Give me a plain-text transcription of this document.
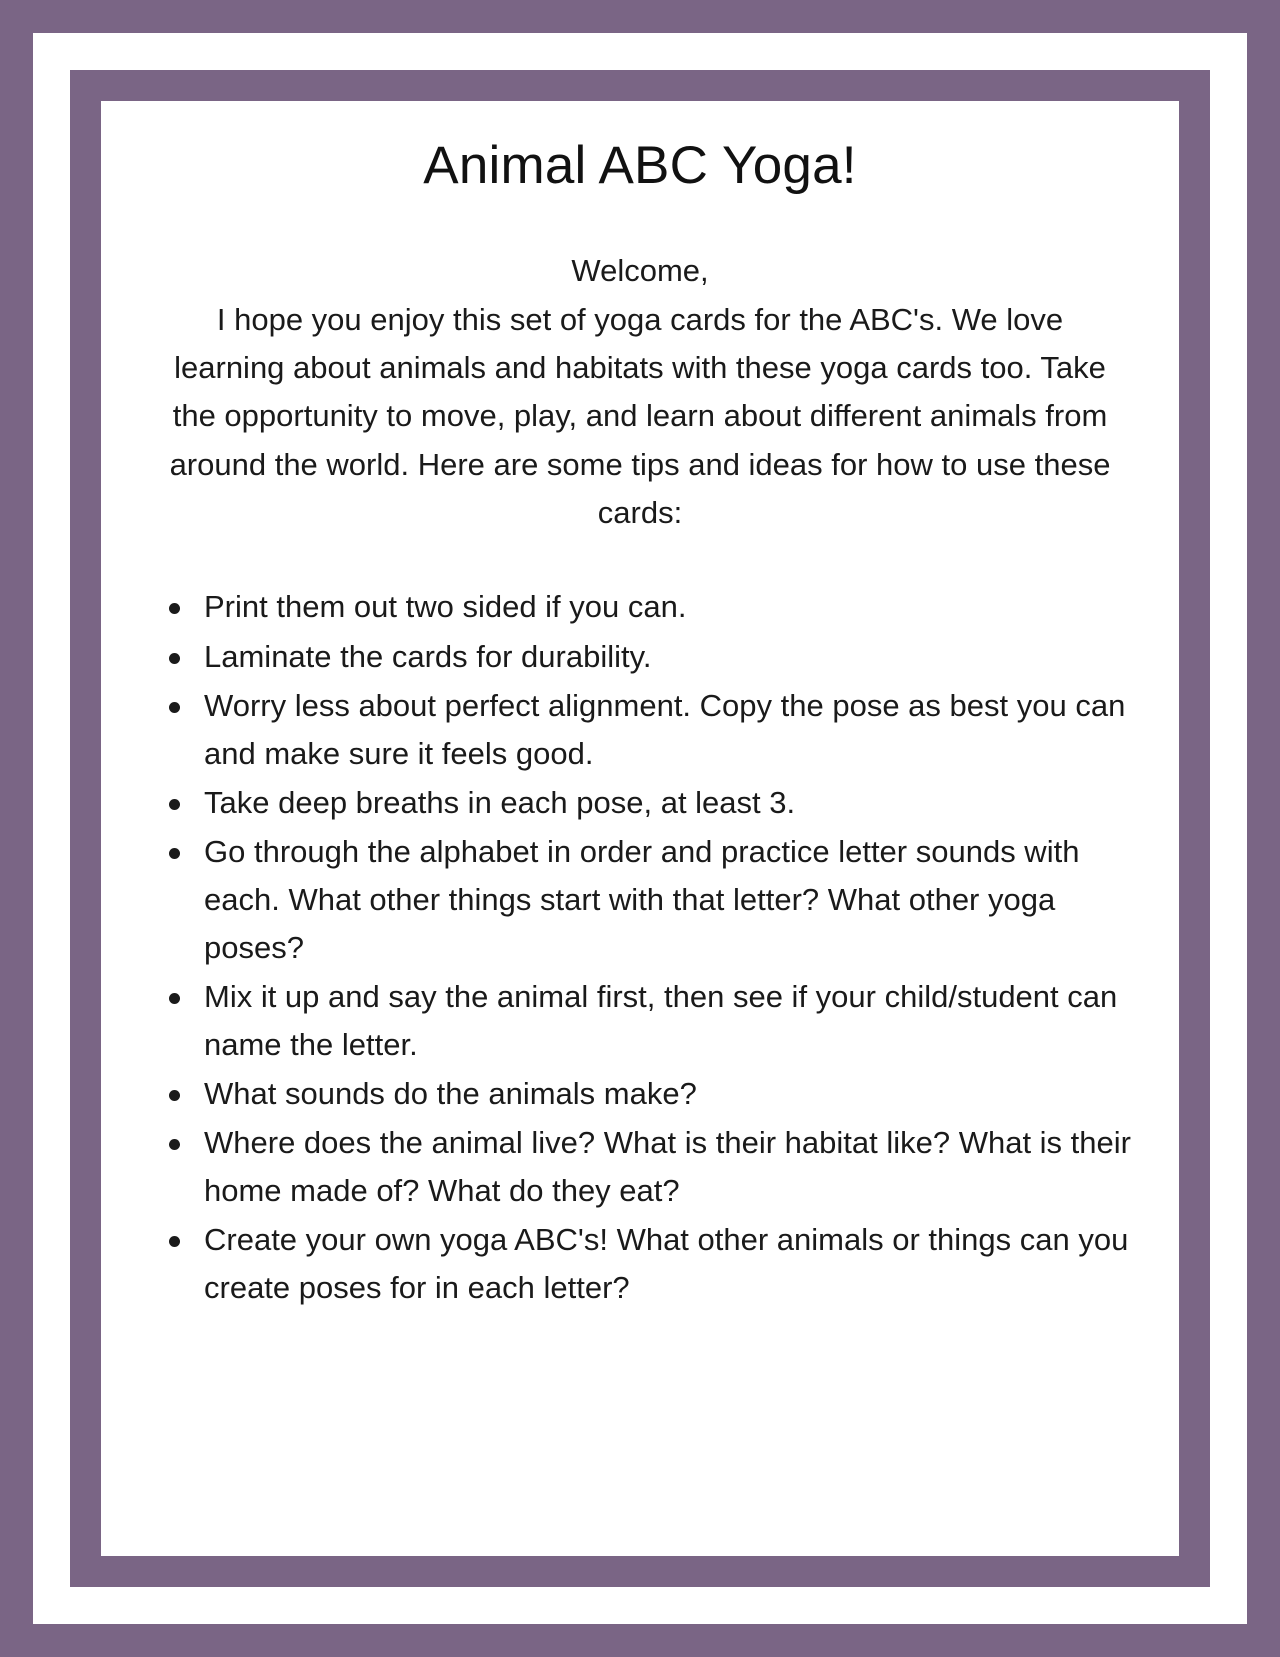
Animal ABC Yoga!
Welcome,
I hope you enjoy this set of yoga cards for the ABC's. We love learning about animals and habitats with these yoga cards too. Take the opportunity to move, play, and learn about different animals from around the world. Here are some tips and ideas for how to use these cards:
Print them out two sided if you can.
Laminate the cards for durability.
Worry less about perfect alignment. Copy the pose as best you can and make sure it feels good.
Take deep breaths in each pose, at least 3.
Go through the alphabet in order and practice letter sounds with each. What other things start with that letter? What other yoga poses?
Mix it up and say the animal first, then see if your child/student can name the letter.
What sounds do the animals make?
Where does the animal live? What is their habitat like? What is their home made of? What do they eat?
Create your own yoga ABC's! What other animals or things can you create poses for in each letter?
